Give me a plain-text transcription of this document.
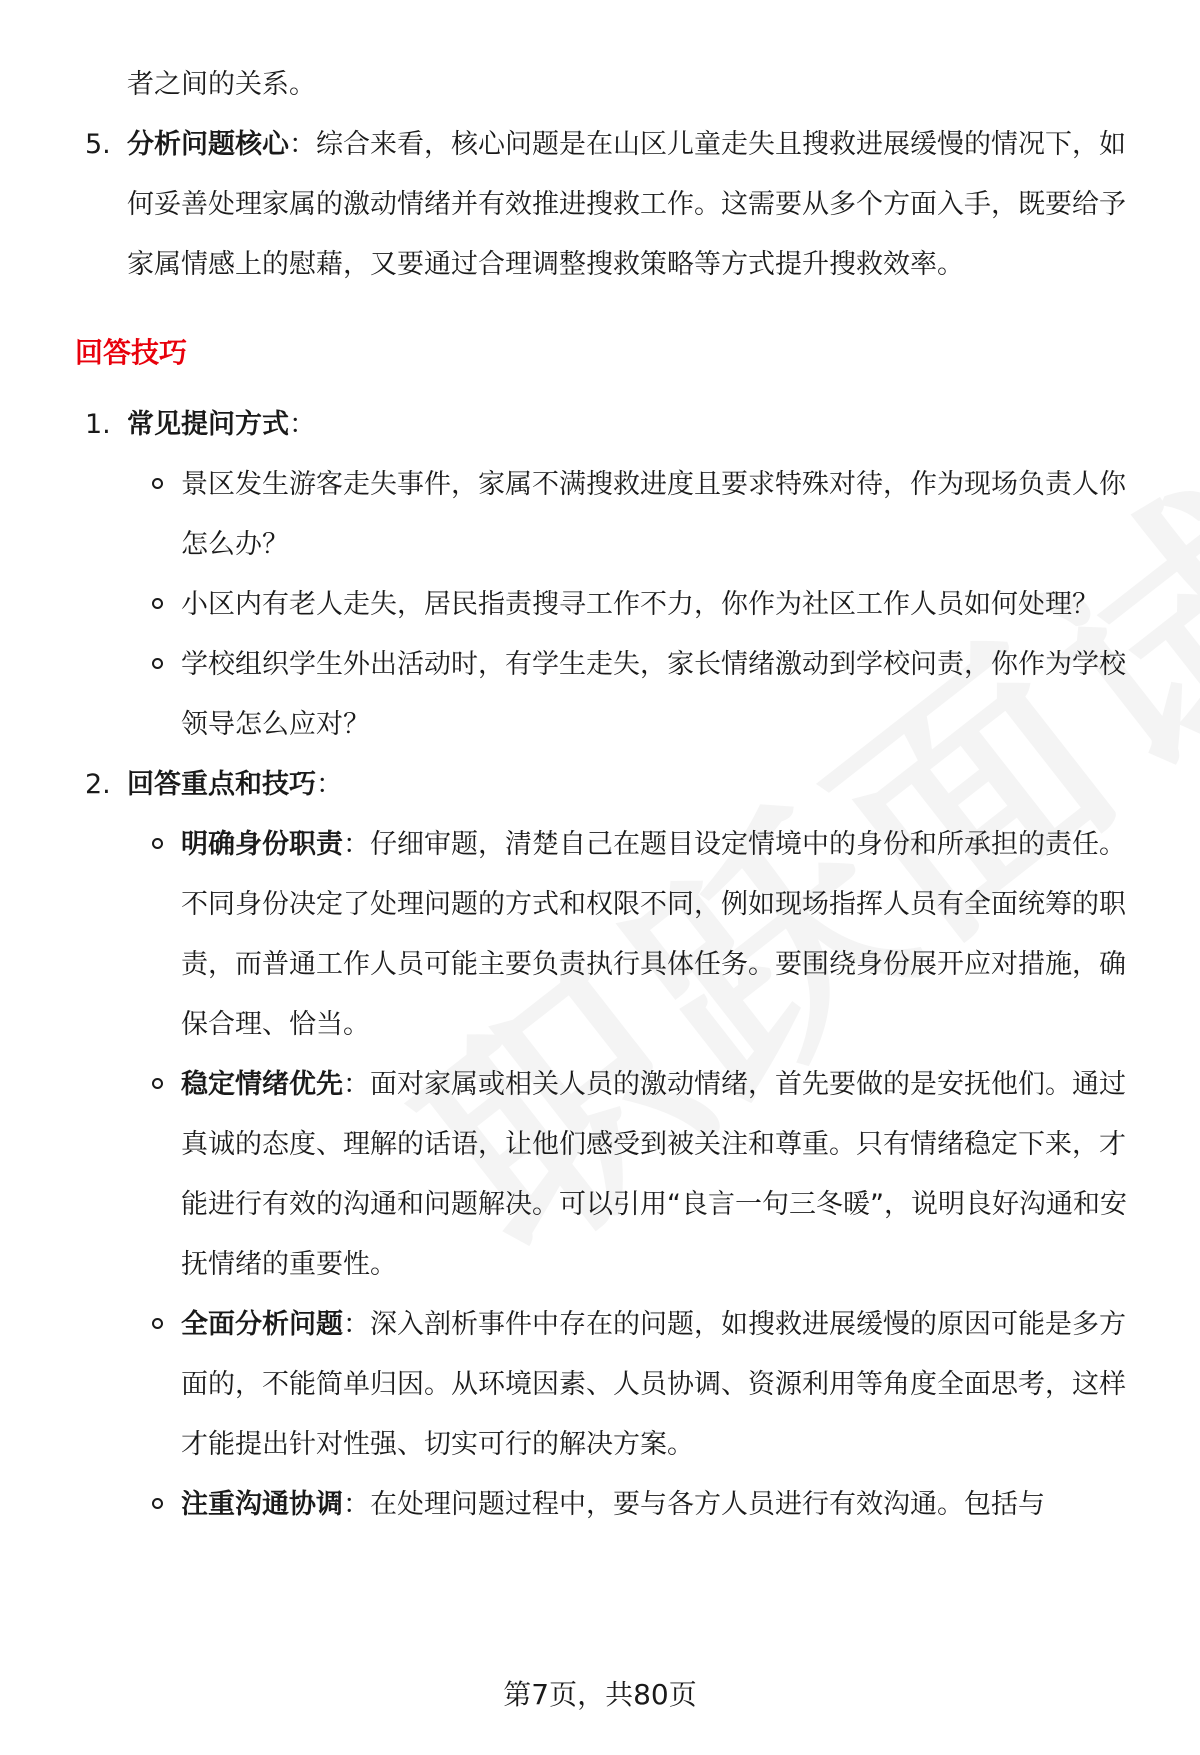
者之间的关系。

5. 分析问题核心：综合来看，核心问题是在山区儿童走失且搜救进展缓慢的情况下，如何妥善处理家属的激动情绪并有效推进搜救工作。这需要从多个方面入手，既要给予家属情感上的慰藉，又要通过合理调整搜救策略等方式提升搜救效率。
回答技巧
1. 常见提问方式：
景区发生游客走失事件，家属不满搜救进度且要求特殊对待，作为现场负责人你怎么办？
小区内有老人走失，居民指责搜寻工作不力，你作为社区工作人员如何处理？
学校组织学生外出活动时，有学生走失，家长情绪激动到学校问责，你作为学校领导怎么应对？
2. 回答重点和技巧：
明确身份职责：仔细审题，清楚自己在题目设定情境中的身份和所承担的责任。不同身份决定了处理问题的方式和权限不同，例如现场指挥人员有全面统筹的职责，而普通工作人员可能主要负责执行具体任务。要围绕身份展开应对措施，确保合理、恰当。
稳定情绪优先：面对家属或相关人员的激动情绪，首先要做的是安抚他们。通过真诚的态度、理解的话语，让他们感受到被关注和尊重。只有情绪稳定下来，才能进行有效的沟通和问题解决。可以引用“良言一句三冬暖”，说明良好沟通和安抚情绪的重要性。
全面分析问题：深入剖析事件中存在的问题，如搜救进展缓慢的原因可能是多方面的，不能简单归因。从环境因素、人员协调、资源利用等角度全面思考，这样才能提出针对性强、切实可行的解决方案。
注重沟通协调：在处理问题过程中，要与各方人员进行有效沟通。包括与
第7页，共80页
